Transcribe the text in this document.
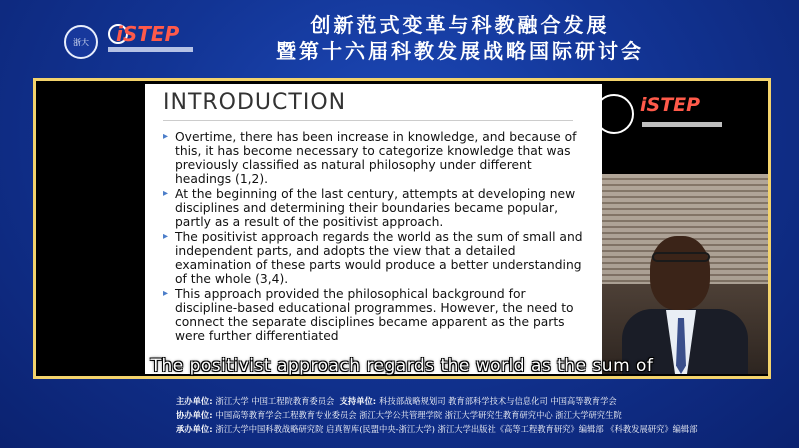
浙大 iSTEP	创新范式变革与科教融合发展
暨第十六届科教发展战略国际研讨会
INTRODUCTION
▸ Overtime, there has been increase in knowledge, and because of this, it has become necessary to categorize knowledge that was previously classified as natural philosophy under different headings (1,2).
▸ At the beginning of the last century, attempts at developing new disciplines and determining their boundaries became popular, partly as a result of the positivist approach.
▸ The positivist approach regards the world as the sum of small and independent parts, and adopts the view that a detailed examination of these parts would produce a better understanding of the whole (3,4).
▸ This approach provided the philosophical background for discipline-based educational programmes. However, the need to connect the separate disciplines became apparent as the parts were further differentiated
iSTEP
The positivist approach regards the world as the sum of
主办单位: 浙江大学 中国工程院教育委员会 支持单位: 科技部战略规划司 教育部科学技术与信息化司 中国高等教育学会
协办单位: 中国高等教育学会工程教育专业委员会 浙江大学公共管理学院 浙江大学研究生教育研究中心 浙江大学研究生院
承办单位: 浙江大学中国科教战略研究院 启真智库(民盟中央-浙江大学) 浙江大学出版社《高等工程教育研究》编辑部 《科教发展研究》编辑部
